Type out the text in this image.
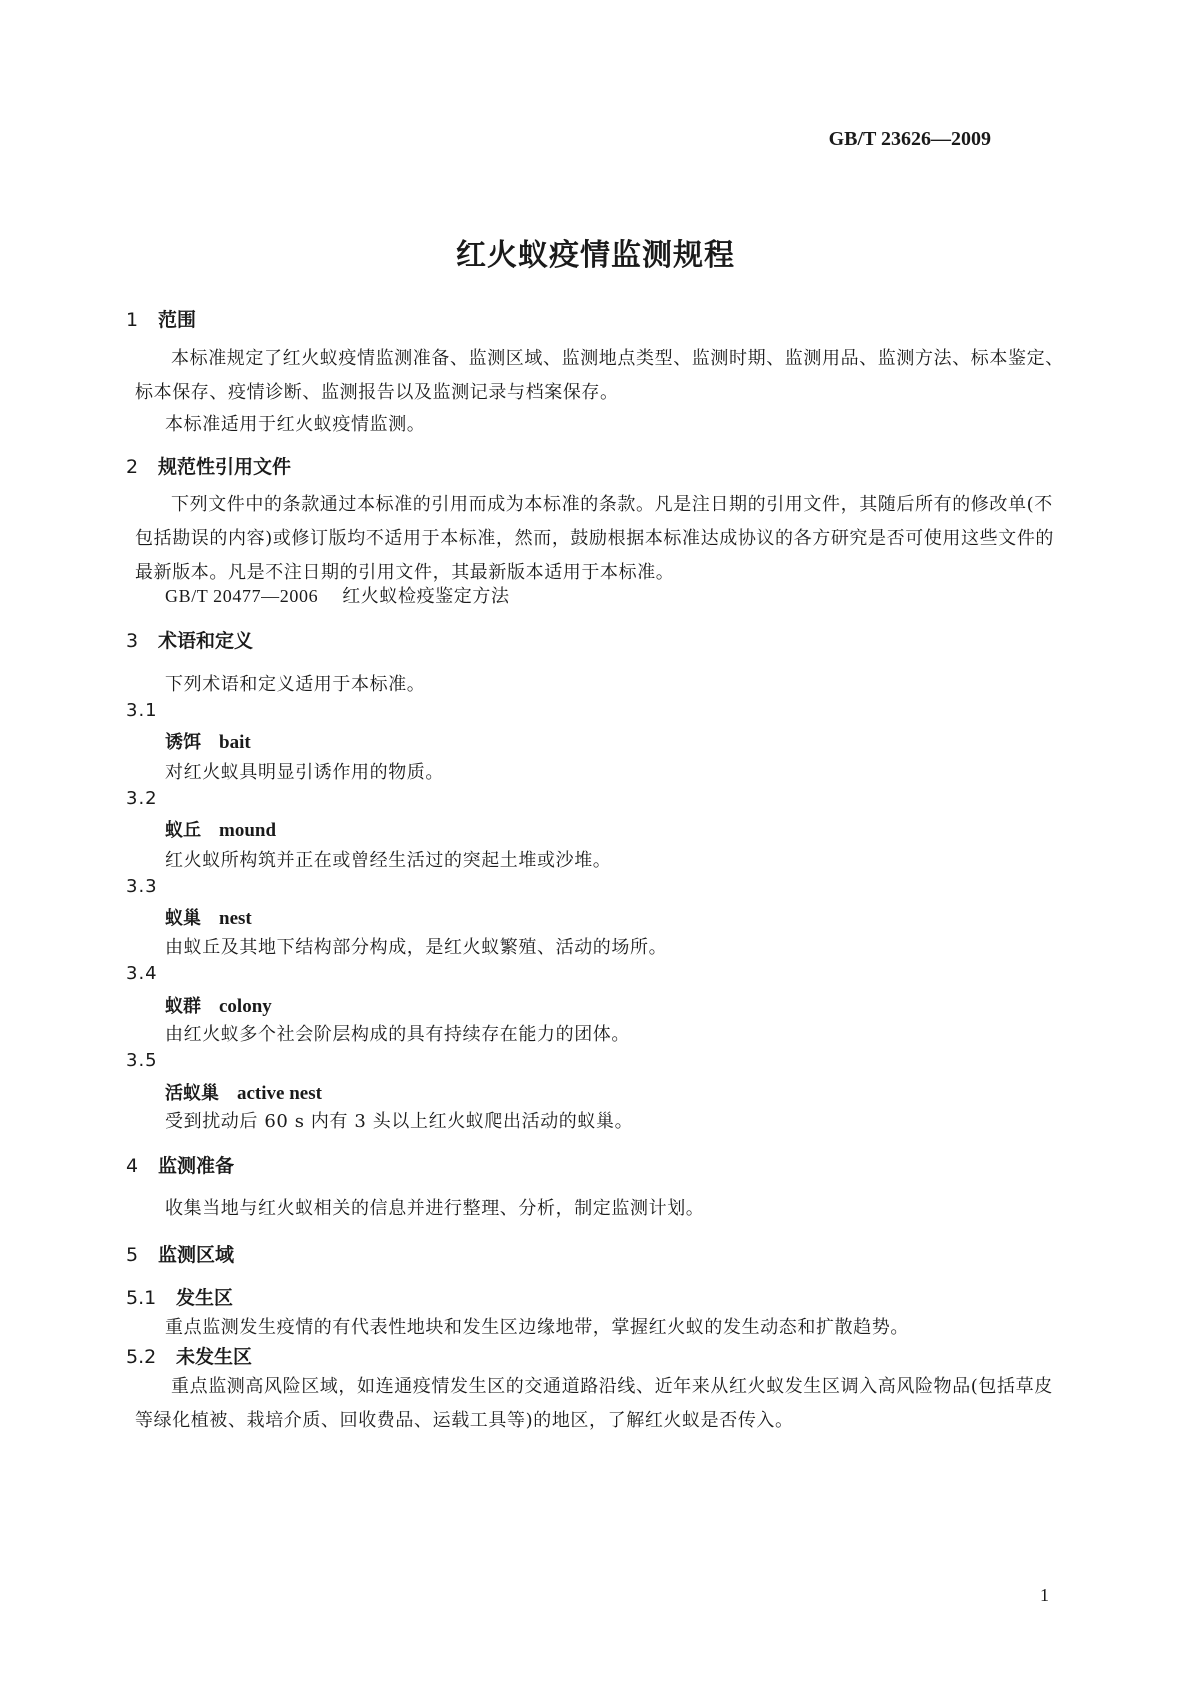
GB/T 23626—2009
红火蚁疫情监测规程
1 范围
本标准规定了红火蚁疫情监测准备、监测区域、监测地点类型、监测时期、监测用品、监测方法、标本鉴定、标本保存、疫情诊断、监测报告以及监测记录与档案保存。
本标准适用于红火蚁疫情监测。
2 规范性引用文件
下列文件中的条款通过本标准的引用而成为本标准的条款。凡是注日期的引用文件，其随后所有的修改单(不包括勘误的内容)或修订版均不适用于本标准，然而，鼓励根据本标准达成协议的各方研究是否可使用这些文件的最新版本。凡是不注日期的引用文件，其最新版本适用于本标准。
GB/T 20477—2006 红火蚁检疫鉴定方法
3 术语和定义
下列术语和定义适用于本标准。
3.1
诱饵 bait
对红火蚁具明显引诱作用的物质。
3.2
蚁丘 mound
红火蚁所构筑并正在或曾经生活过的突起土堆或沙堆。
3.3
蚁巢 nest
由蚁丘及其地下结构部分构成，是红火蚁繁殖、活动的场所。
3.4
蚁群 colony
由红火蚁多个社会阶层构成的具有持续存在能力的团体。
3.5
活蚁巢 active nest
受到扰动后 60 s 内有 3 头以上红火蚁爬出活动的蚁巢。
4 监测准备
收集当地与红火蚁相关的信息并进行整理、分析，制定监测计划。
5 监测区域
5.1 发生区
重点监测发生疫情的有代表性地块和发生区边缘地带，掌握红火蚁的发生动态和扩散趋势。
5.2 未发生区
重点监测高风险区域，如连通疫情发生区的交通道路沿线、近年来从红火蚁发生区调入高风险物品(包括草皮等绿化植被、栽培介质、回收费品、运载工具等)的地区，了解红火蚁是否传入。
1
